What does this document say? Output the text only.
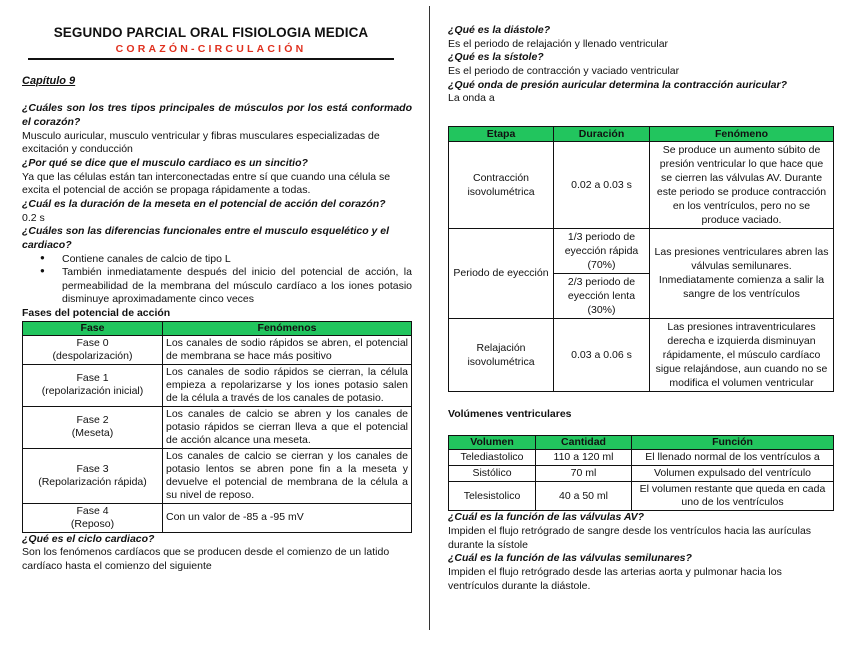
SEGUNDO PARCIAL ORAL FISIOLOGIA MEDICA
CORAZÓN-CIRCULACIÓN
Capítulo 9
¿Cuáles son los tres tipos principales de músculos por los está conformado el corazón?
Musculo auricular, musculo ventricular y fibras musculares especializadas de excitación y conducción
¿Por qué se dice que el musculo cardiaco es un sincitio?
Ya que las células están tan interconectadas entre sí que cuando una célula se excita el potencial de acción se propaga rápidamente a todas.
¿Cuál es la duración de la meseta en el potencial de acción del corazón?
0.2 s
¿Cuáles son las diferencias funcionales entre el musculo esquelético y el cardiaco?
● Contiene canales de calcio de tipo L
● También inmediatamente después del inicio del potencial de acción, la permeabilidad de la membrana del músculo cardíaco a los iones potasio disminuye aproximadamente cinco veces
Fases del potencial de acción
Fase	Fenómenos
Fase 0
(despolarización)	Los canales de sodio rápidos se abren, el potencial de membrana se hace más positivo
Fase 1
(repolarización inicial)	Los canales de sodio rápidos se cierran, la célula empieza a repolarizarse y los iones potasio salen de la célula a través de los canales de potasio.
Fase 2
(Meseta)	Los canales de calcio se abren y los canales de potasio rápidos se cierran lleva a que el potencial de acción alcance una meseta.
Fase 3
(Repolarización rápida)	Los canales de calcio se cierran y los canales de potasio lentos se abren pone fin a la meseta y devuelve el potencial de membrana de la célula a su nivel de reposo.
Fase 4
(Reposo)	Con un valor de -85 a -95 mV
¿Qué es el ciclo cardiaco?
Son los fenómenos cardíacos que se producen desde el comienzo de un latido cardíaco hasta el comienzo del siguiente
¿Qué es la diástole?
Es el periodo de relajación y llenado ventricular
¿Qué es la sístole?
Es el periodo de contracción y vaciado ventricular
¿Qué onda de presión auricular determina la contracción auricular?
La onda a
Etapa	Duración	Fenómeno
Contracción isovolumétrica	0.02 a 0.03 s	Se produce un aumento súbito de presión ventricular lo que hace que se cierren las válvulas AV. Durante este periodo se produce contracción en los ventrículos, pero no se produce vaciado.
Periodo de eyección	1/3 periodo de eyección rápida (70%)	Las presiones ventriculares abren las válvulas semilunares. Inmediatamente comienza a salir la sangre de los ventrículos
	2/3 periodo de eyección lenta (30%)	
Relajación isovolumétrica	0.03 a 0.06 s	Las presiones intraventriculares derecha e izquierda disminuyan rápidamente, el músculo cardíaco sigue relajándose, aun cuando no se modifica el volumen ventricular
Volúmenes ventriculares
Volumen	Cantidad	Función
Telediastolico	110 a 120 ml	El llenado normal de los ventrículos a
Sistólico	70 ml	Volumen expulsado del ventrículo
Telesistolico	40 a 50 ml	El volumen restante que queda en cada uno de los ventrículos
¿Cuál es la función de las válvulas AV?
Impiden el flujo retrógrado de sangre desde los ventrículos hacia las aurículas durante la sístole
¿Cuál es la función de las válvulas semilunares?
Impiden el flujo retrógrado desde las arterias aorta y pulmonar hacia los ventrículos durante la diástole.
